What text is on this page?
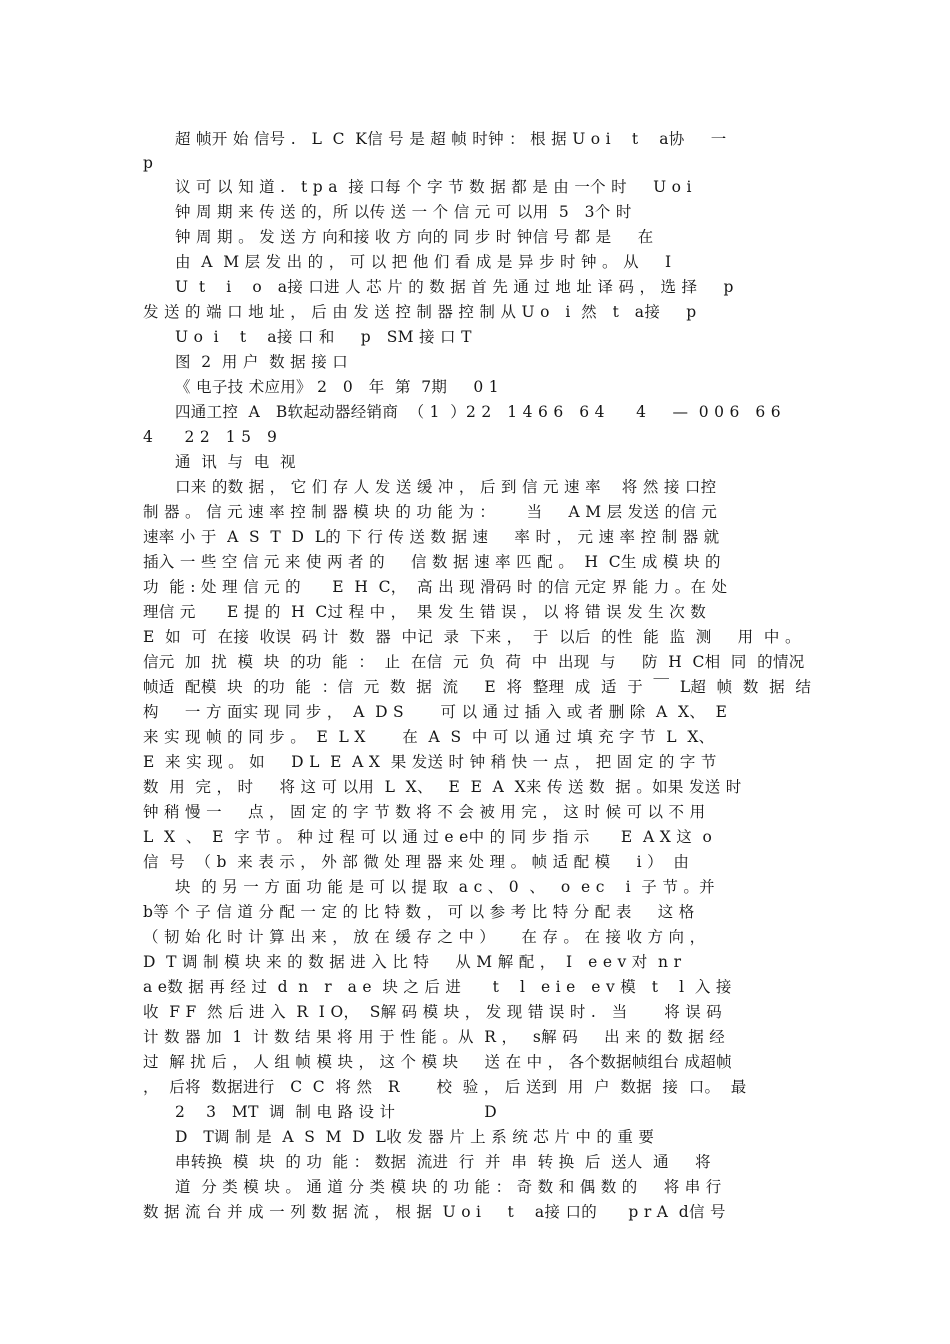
超 帧开 始 信号 .   L  C  K信 号 是 超 帧 时钟 ： 根 据 U o i    t    a协     一
p
议 可 以 知 道 .   t p a  接 口每 个 字 节 数 据 都 是 由 一个 时     U o i
钟 周 期 来 传 送 的，所 以传 送 一 个 信 元 可 以用  5   3个 时
钟 周 期 。 发 送 方 向和接 收 方 向的 同 步 时 钟信 号 都 是     在
由  A  M 层 发 出 的 ， 可 以 把 他 们 看 成 是 异 步 时 钟 。 从     I
U  t    i    o   a接 口进 人 芯 片 的 数 据 首 先 通 过 地 址 译 码 ， 选 择     p
发 送 的 端 口 地 址 ， 后 由 发 送 控 制 器 控 制 从 U o   i  然   t   a接     p
U o  i    t    a接 口 和     p   SM 接 口 T
图  2  用 户  数 据 接 口
《 电子技 术应用》 2   0   年  第  7期     0 1
四通工控  A   B软起动器经销商  （ 1  ）2 2   1 4 6 6   6 4      4     —  0 0 6   6 6
4      2 2   1 5   9
通  讯  与  电  视
口来 的数 据 ， 它 们 存 人 发 送 缓 冲 ， 后 到 信 元 速 率    将 然 接 口控
制 器 。 信 元 速 率 控 制 器 模 块 的 功 能 为 ：      当     A M 层 发送 的信 元
速率 小 于  A  S  T  D  L的 下 行 传 送 数 据 速     率 时 ， 元 速 率 控 制 器 就
插入 一 些 空 信 元 来 使 两 者 的     信 数 据 速 率 匹 配 。  H  C生 成 模 块 的
功  能 : 处 理 信 元 的      E  H  C，  高 出 现 滑码 时 的信 元定 界 能 力 。在 处
理信 元      E 提 的  H  C过 程 中 ，  果 发 生 错 误 ， 以 将 错 误 发 生 次 数
E  如  可  在接  收误  码 计  数  器  中记  录  下来 ，  于  以后  的性  能  监  测     用  中 。
信元  加  扰  模  块  的功  能  ：  止  在信  元  负  荷  中  出现  与     防  H  C相  同  的情况
帧适  配模  块  的功  能  ：信  元  数  据  流     E  将  整理  成  适  于  ￣  L超  帧  数  据  结
构     一 方 面实 现 同 步 ，  A  D S       可 以 通 过 插 入 或 者 删 除  A  X、  E
来 实 现 帧 的 同 步 。  E  L X       在  A  S  中 可 以 通 过 填 充 字 节  L  X、
E  来 实 现 。 如     D L  E  A X  果 发送 时 钟 稍 快 一 点 ， 把 固 定 的 字 节
数  用  完 ， 时     将 这 可 以用  L  X、   E  E  A  X来 传 送 数  据 。如果 发送 时
钟 稍 慢 一     点 ， 固 定 的 字 节 数 将 不 会 被 用 完 ， 这 时 候 可 以 不 用
L  X  、  E  字 节 。 种 过 程 可 以 通 过 e e中 的 同 步 指 示      E  A X 这  o
信  号  （ b  来 表 示 ， 外 部 微 处 理 器 来 处 理 。 帧 适 配 模     i ）  由
块  的 另 一 方 面 功 能 是 可 以 提 取  a c 、 0  、   o  e c    i  子 节 。并
b等 个 子 信 道 分 配 一 定 的 比 特 数 ， 可 以 参 考 比 特 分 配 表     这 格
（ 韧 始 化 时 计 算 出 来 ， 放 在 缓 存 之 中 ）     在 存 。 在 接 收 方 向 ，
D  T 调 制 模 块 来 的 数 据 进 入 比 特     从 M 解 配 ，  I   e e v 对  n r
a e数 据 再 经 过  d  n   r   a e  块 之 后 进      t    l   e i e   e v 模   t    l  入 接
收  F F  然 后 进 入  R  I O，  S解 码 模 块 ， 发 现 错 误 时 .   当       将 误 码
计 数 器 加  1  计 数 结 果 将 用 于 性 能 。从  R ，   s解 码     出 来 的 数 据 经
过  解 扰 后 ， 人 组 帧 模 块 ， 这 个 模 块     送 在 中 ， 各个数据帧组台 成超帧
，  后将  数据进行   C  C  将 然   R       校  验 ， 后 送到  用  户  数据  接  口。  最
2    3   MT  调  制 电 路 设 计                 D
D   T调 制 是  A  S  M  D  L收 发 器 片 上 系 统 芯 片 中 的 重 要
串转换  模  块  的 功  能 ： 数据  流进  行  并  串  转 换  后  送人  通     将
道  分 类 模 块 。 通 道 分 类 模 块 的 功 能 ： 奇 数 和 偶 数 的     将 串 行
数 据 流 台 并 成 一 列 数 据 流 ， 根 据  U o i     t    a接 口的      p r A  d信 号
